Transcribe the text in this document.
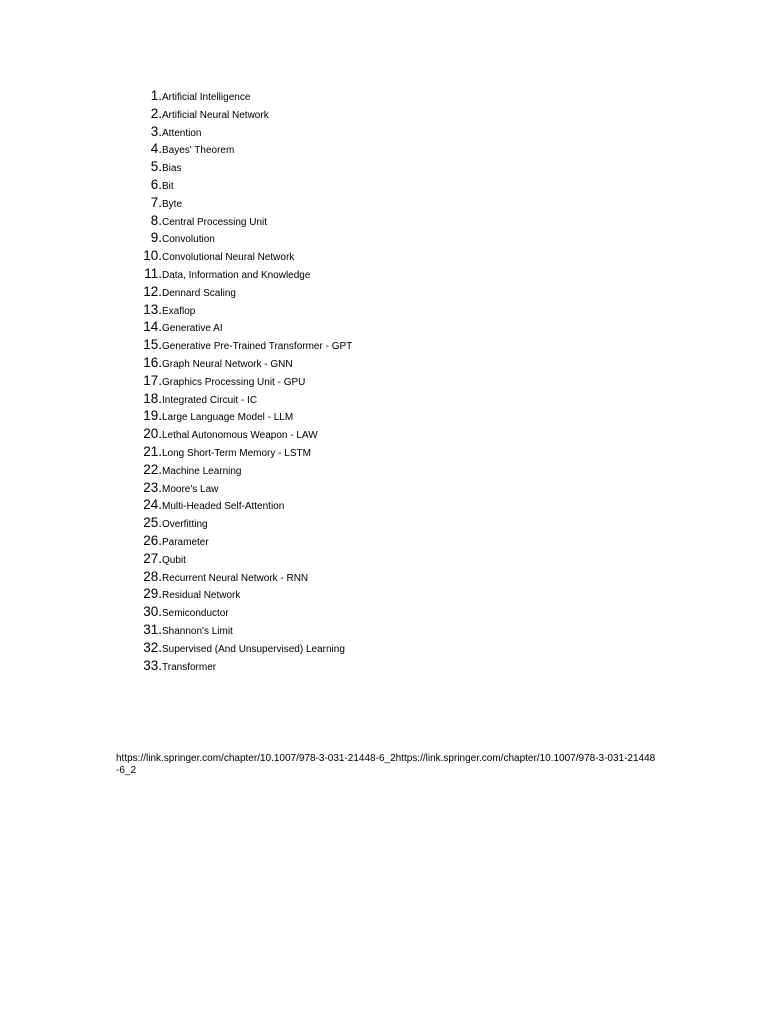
1. Artificial Intelligence
2. Artificial Neural Network
3. Attention
4. Bayes' Theorem
5. Bias
6. Bit
7. Byte
8. Central Processing Unit
9. Convolution
10. Convolutional Neural Network
11. Data, Information and Knowledge
12. Dennard Scaling
13. Exaflop
14. Generative AI
15. Generative Pre-Trained Transformer - GPT
16. Graph Neural Network - GNN
17. Graphics Processing Unit - GPU
18. Integrated Circuit - IC
19. Large Language Model - LLM
20. Lethal Autonomous Weapon - LAW
21. Long Short-Term Memory - LSTM
22. Machine Learning
23. Moore's Law
24. Multi-Headed Self-Attention
25. Overfitting
26. Parameter
27. Qubit
28. Recurrent Neural Network - RNN
29. Residual Network
30. Semiconductor
31. Shannon's Limit
32. Supervised (And Unsupervised) Learning
33. Transformer
https://link.springer.com/chapter/10.1007/978-3-031-21448-6_2https://link.springer.com/chapter/10.1007/978-3-031-21448-6_2
